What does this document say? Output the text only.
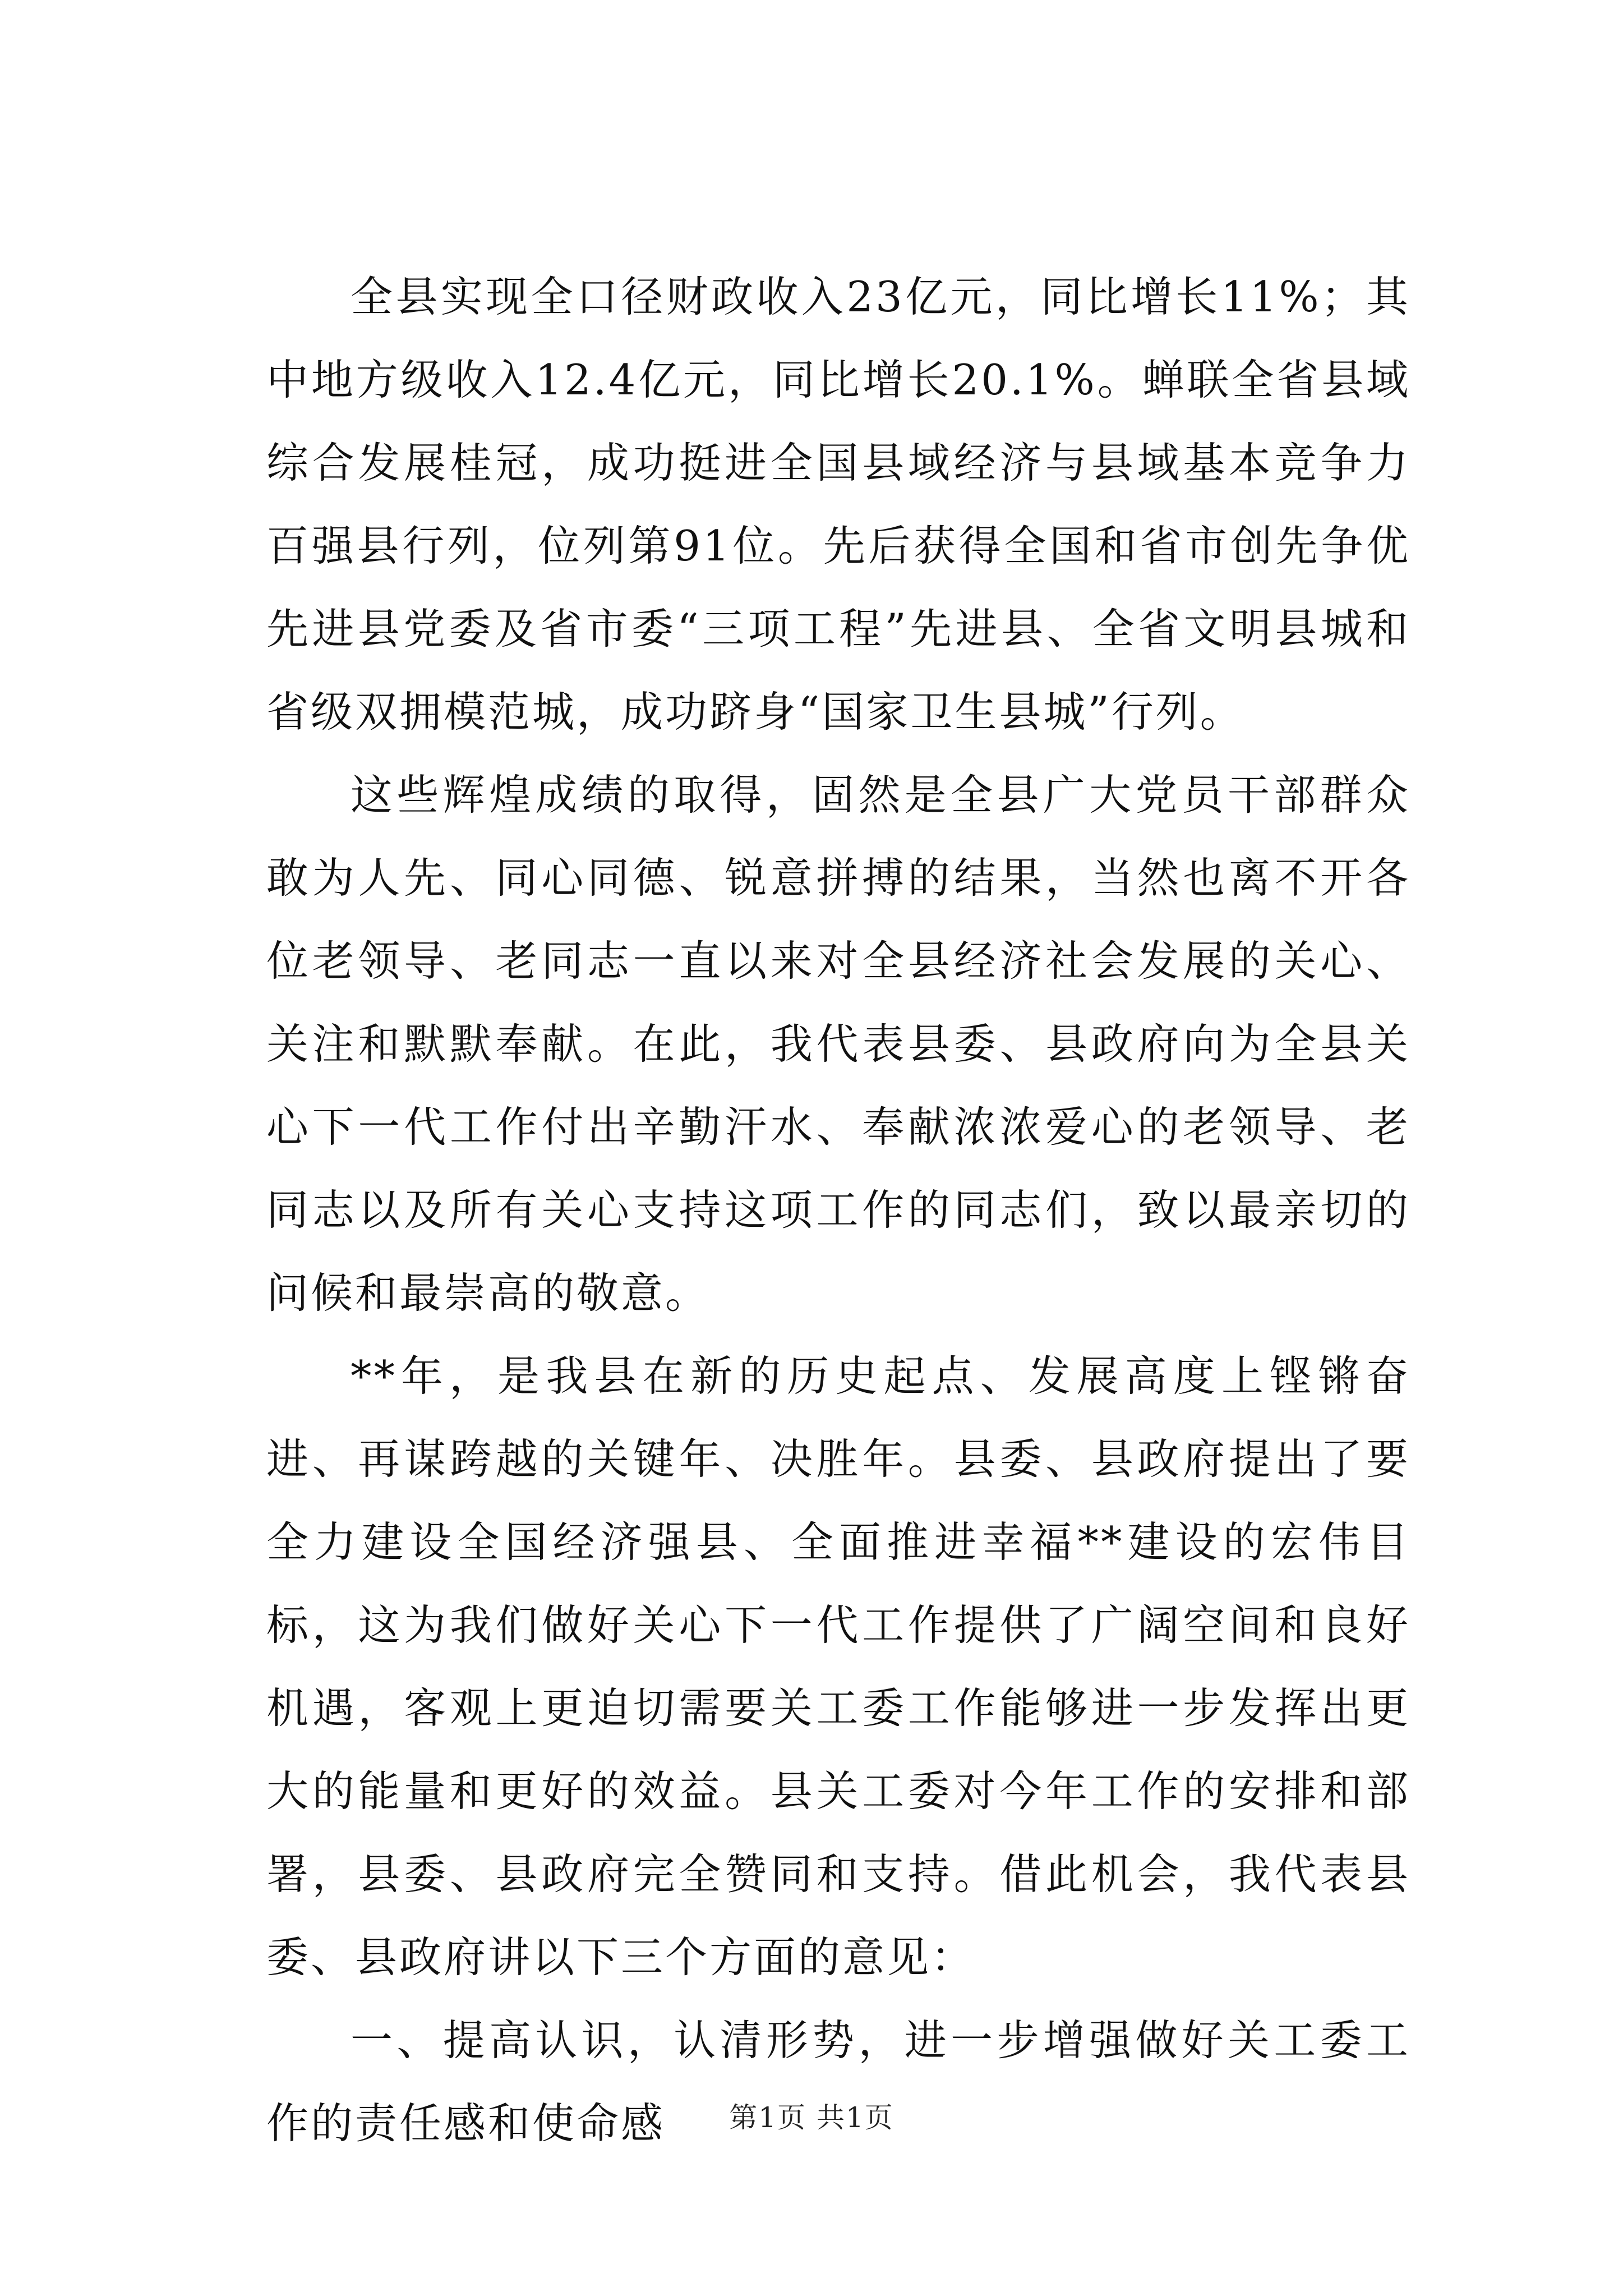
全县实现全口径财政收入23亿元，同比增长11%；其中地方级收入12.4亿元，同比增长20.1%。蝉联全省县域综合发展桂冠，成功挺进全国县域经济与县域基本竞争力百强县行列，位列第91位。先后获得全国和省市创先争优先进县党委及省市委“三项工程”先进县、全省文明县城和省级双拥模范城，成功跻身“国家卫生县城”行列。

这些辉煌成绩的取得，固然是全县广大党员干部群众敢为人先、同心同德、锐意拼搏的结果，当然也离不开各位老领导、老同志一直以来对全县经济社会发展的关心、关注和默默奉献。在此，我代表县委、县政府向为全县关心下一代工作付出辛勤汗水、奉献浓浓爱心的老领导、老同志以及所有关心支持这项工作的同志们，致以最亲切的问候和最崇高的敬意。

**年，是我县在新的历史起点、发展高度上铿锵奋进、再谋跨越的关键年、决胜年。县委、县政府提出了要全力建设全国经济强县、全面推进幸福**建设的宏伟目标，这为我们做好关心下一代工作提供了广阔空间和良好机遇，客观上更迫切需要关工委工作能够进一步发挥出更大的能量和更好的效益。县关工委对今年工作的安排和部署，县委、县政府完全赞同和支持。借此机会，我代表县委、县政府讲以下三个方面的意见：

一、提高认识，认清形势，进一步增强做好关工委工作的责任感和使命感	第1页 共1页
